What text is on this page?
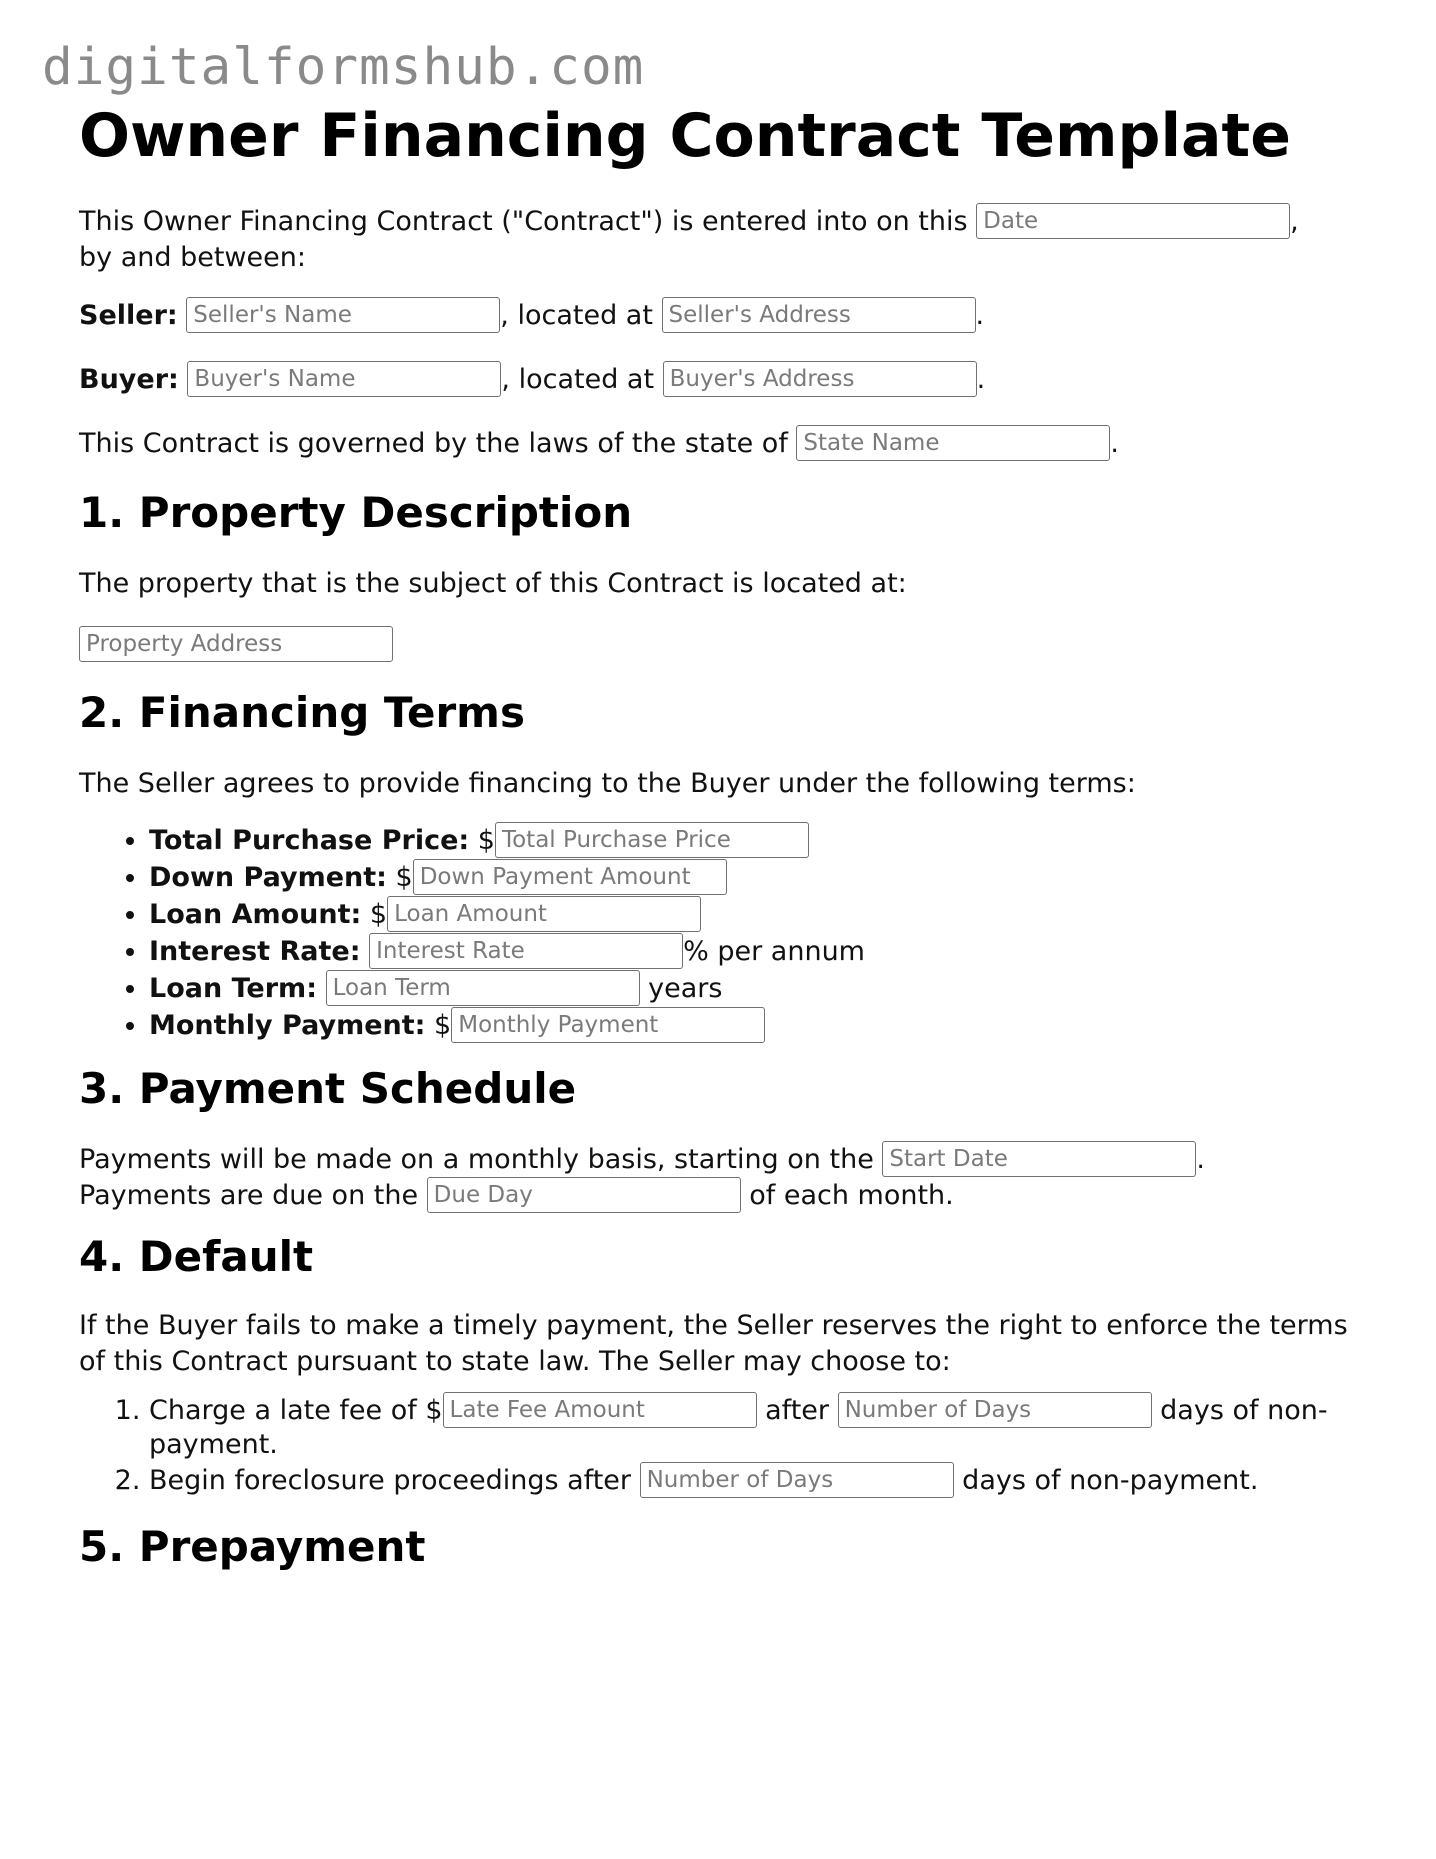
digitalformshub.com
Owner Financing Contract Template

This Owner Financing Contract ("Contract") is entered into on this Date	,
by and between:

Seller: Seller's Name	, located at Seller's Address	.

Buyer: Buyer's Name	, located at Buyer's Address	.

This Contract is governed by the laws of the state of State Name	.

1. Property Description

The property that is the subject of this Contract is located at:

Property Address
2. Financing Terms

The Seller agrees to provide financing to the Buyer under the following terms:

• Total Purchase Price: $Total Purchase Price
• Down Payment: $Down Payment Amount
• Loan Amount: $Loan Amount
• Interest Rate: Interest Rate	% per annum
• Loan Term: Loan Term	years
• Monthly Payment: $Monthly Payment
3. Payment Schedule

Payments will be made on a monthly basis, starting on the Start Date	.
Payments are due on the Due Day	of each month.

4. Default

If the Buyer fails to make a timely payment, the Seller reserves the right to enforce the terms of this Contract pursuant to state law. The Seller may choose to:

1. Charge a late fee of $Late Fee Amount	after Number of Days	days of non-payment.
2. Begin foreclosure proceedings after Number of Days	days of non-payment.
5. Prepayment
